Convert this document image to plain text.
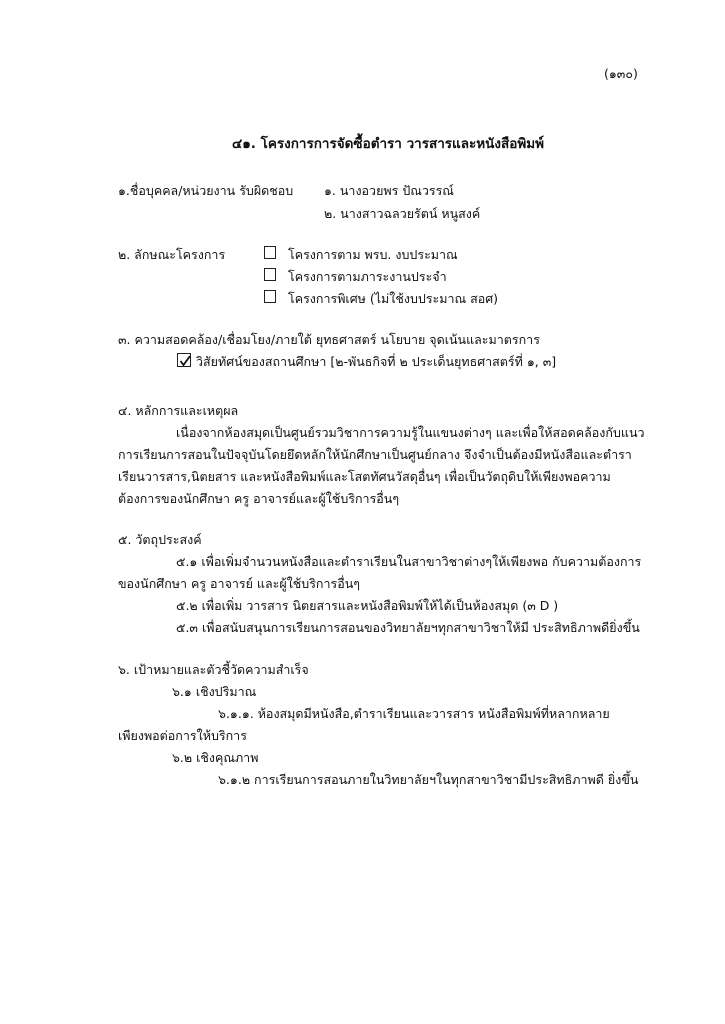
(๑๓๐)
๔๑. โครงการการจัดซื้อตำรา วารสารและหนังสือพิมพ์
๑.ชื่อบุคคล/หน่วยงาน รับผิดชอบ ๑. นางอวยพร ปัณวรรณ์
๒. นางสาวฉลวยรัตน์ หนูสงค์
๒. ลักษณะโครงการ	โครงการตาม พรบ. งบประมาณ
โครงการตามภาระงานประจำ
โครงการพิเศษ (ไม่ใช้งบประมาณ สอศ)
๓. ความสอดคล้อง/เชื่อมโยง/ภายใต้ ยุทธศาสตร์ นโยบาย จุดเน้นและมาตรการ
วิสัยทัศน์ของสถานศึกษา [๒-พันธกิจที่ ๒ ประเด็นยุทธศาสตร์ที่ ๑, ๓]
๔. หลักการและเหตุผล
เนื่องจากห้องสมุดเป็นศูนย์รวมวิชาการความรู้ในแขนงต่างๆ และเพื่อให้สอดคล้องกับแนว
การเรียนการสอนในปัจจุบันโดยยึดหลักให้นักศึกษาเป็นศูนย์กลาง จึงจำเป็นต้องมีหนังสือและตำรา
เรียนวารสาร,นิตยสาร และหนังสือพิมพ์และโสตทัศนวัสดุอื่นๆ เพื่อเป็นวัตถุดิบให้เพียงพอความ
ต้องการของนักศึกษา ครู อาจารย์และผู้ใช้บริการอื่นๆ
๕. วัตถุประสงค์
๕.๑ เพื่อเพิ่มจำนวนหนังสือและตำราเรียนในสาขาวิชาต่างๆให้เพียงพอ กับความต้องการ
ของนักศึกษา ครู อาจารย์ และผู้ใช้บริการอื่นๆ
๕.๒ เพื่อเพิ่ม วารสาร นิตยสารและหนังสือพิมพ์ให้ได้เป็นห้องสมุด (๓ D )
๕.๓ เพื่อสนับสนุนการเรียนการสอนของวิทยาลัยฯทุกสาขาวิชาให้มี ประสิทธิภาพดียิ่งขึ้น
๖. เป้าหมายและตัวชี้วัดความสำเร็จ
๖.๑ เชิงปริมาณ
๖.๑.๑. ห้องสมุดมีหนังสือ,ตำราเรียนและวารสาร หนังสือพิมพ์ที่หลากหลาย
เพียงพอต่อการให้บริการ
๖.๒ เชิงคุณภาพ
๖.๑.๒ การเรียนการสอนภายในวิทยาลัยฯในทุกสาขาวิชามีประสิทธิภาพดี ยิ่งขึ้น
